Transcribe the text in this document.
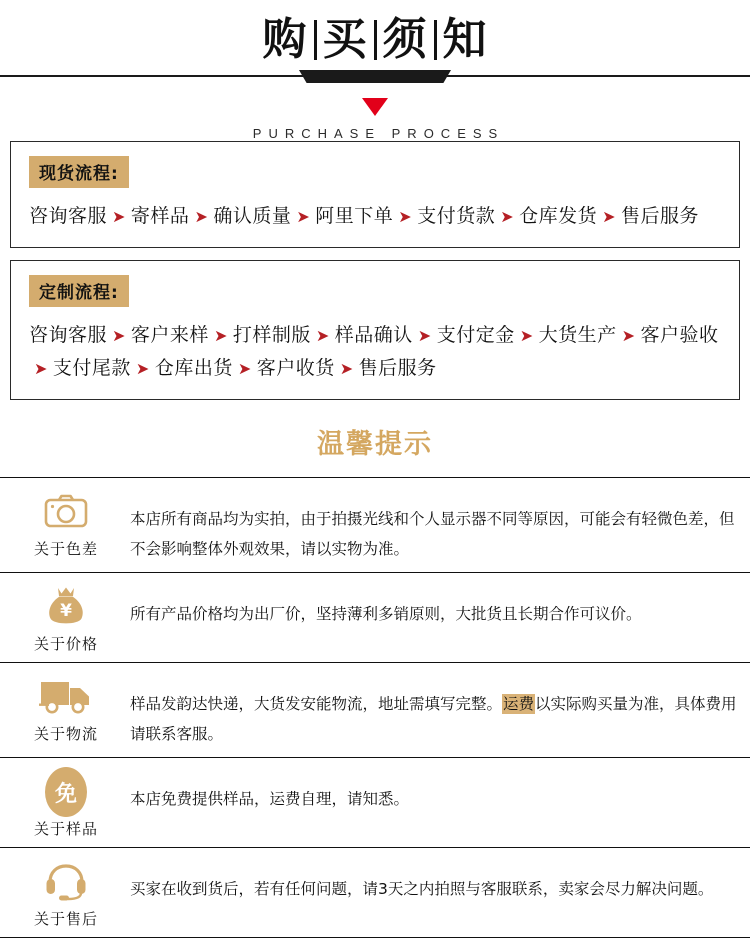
购 买 须 知
PURCHASE PROCESS
现货流程:
咨询客服 ➤ 寄样品 ➤ 确认质量 ➤ 阿里下单 ➤ 支付货款 ➤ 仓库发货 ➤ 售后服务
定制流程:
咨询客服 ➤ 客户来样 ➤ 打样制版 ➤ 样品确认 ➤ 支付定金 ➤ 大货生产 ➤ 客户验收➤ 支付尾款 ➤ 仓库出货 ➤ 客户收货 ➤ 售后服务
温馨提示
关于色差
本店所有商品均为实拍，由于拍摄光线和个人显示器不同等原因，可能会有轻微色差，但不会影响整体外观效果，请以实物为准。
¥
关于价格
所有产品价格均为出厂价，坚持薄利多销原则，大批货且长期合作可议价。
关于物流
样品发韵达快递，大货发安能物流，地址需填写完整。运费以实际购买量为准，具体费用请联系客服。
免
关于样品
本店免费提供样品，运费自理，请知悉。
关于售后
买家在收到货后，若有任何问题，请3天之内拍照与客服联系，卖家会尽力解决问题。
